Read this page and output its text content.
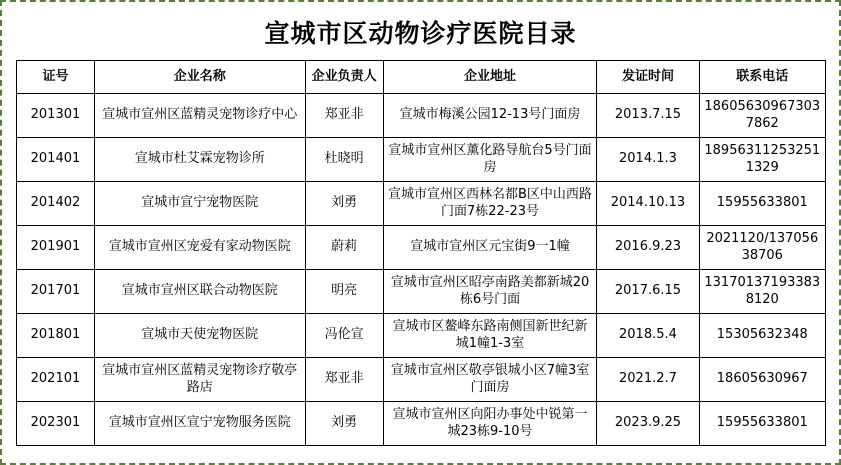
宣城市区动物诊疗医院目录
证号	企业名称	企业负责人	企业地址	发证时间	联系电话
201301	宣城市宣州区蓝精灵宠物诊疗中心	郑亚非	宣城市梅溪公园12-13号门面房	2013.7.15	186056309673037862
201401	宣城市杜艾霖宠物诊所	杜晓明	宣城市宣州区薰化路导航台5号门面房	2014.1.3	189563112532511329
201402	宣城市宣宁宠物医院	刘勇	宣城市宣州区西林名都B区中山西路门面7栋22-23号	2014.10.13	15955633801
201901	宣城市宣州区宠爱有家动物医院	蔚莉	宣城市宣州区元宝街9一1幢	2016.9.23	2021120/13705638706
201701	宣城市宣州区联合动物医院	明亮	宣城市宣州区昭亭南路美都新城20栋6号门面	2017.6.15	131701371933838120
201801	宣城市天使宠物医院	冯伦宣	宣城市区鳌峰东路南侧国新世纪新城1幢1-3室	2018.5.4	15305632348
202101	宣城市宣州区蓝精灵宠物诊疗敬亭路店	郑亚非	宣城市宣州区敬亭银城小区7幢3室门面房	2021.2.7	18605630967
202301	宣城市宣州区宣宁宠物服务医院	刘勇	宣城市宣州区向阳办事处中锐第一城23栋9-10号	2023.9.25	15955633801
